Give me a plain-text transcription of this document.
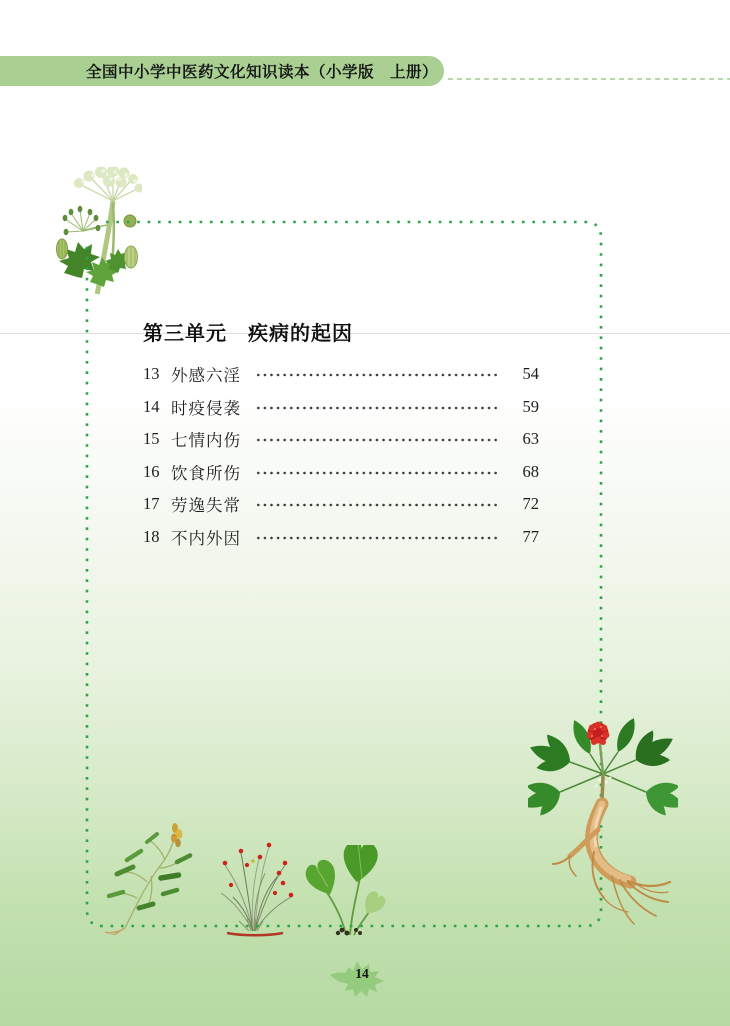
全国中小学中医药文化知识读本（小学版　上册）
第三单元　疾病的起因
13 外感六淫	54
14 时疫侵袭	59
15 七情内伤	63
16 饮食所伤	68
17 劳逸失常	72
18 不内外因	77
14
